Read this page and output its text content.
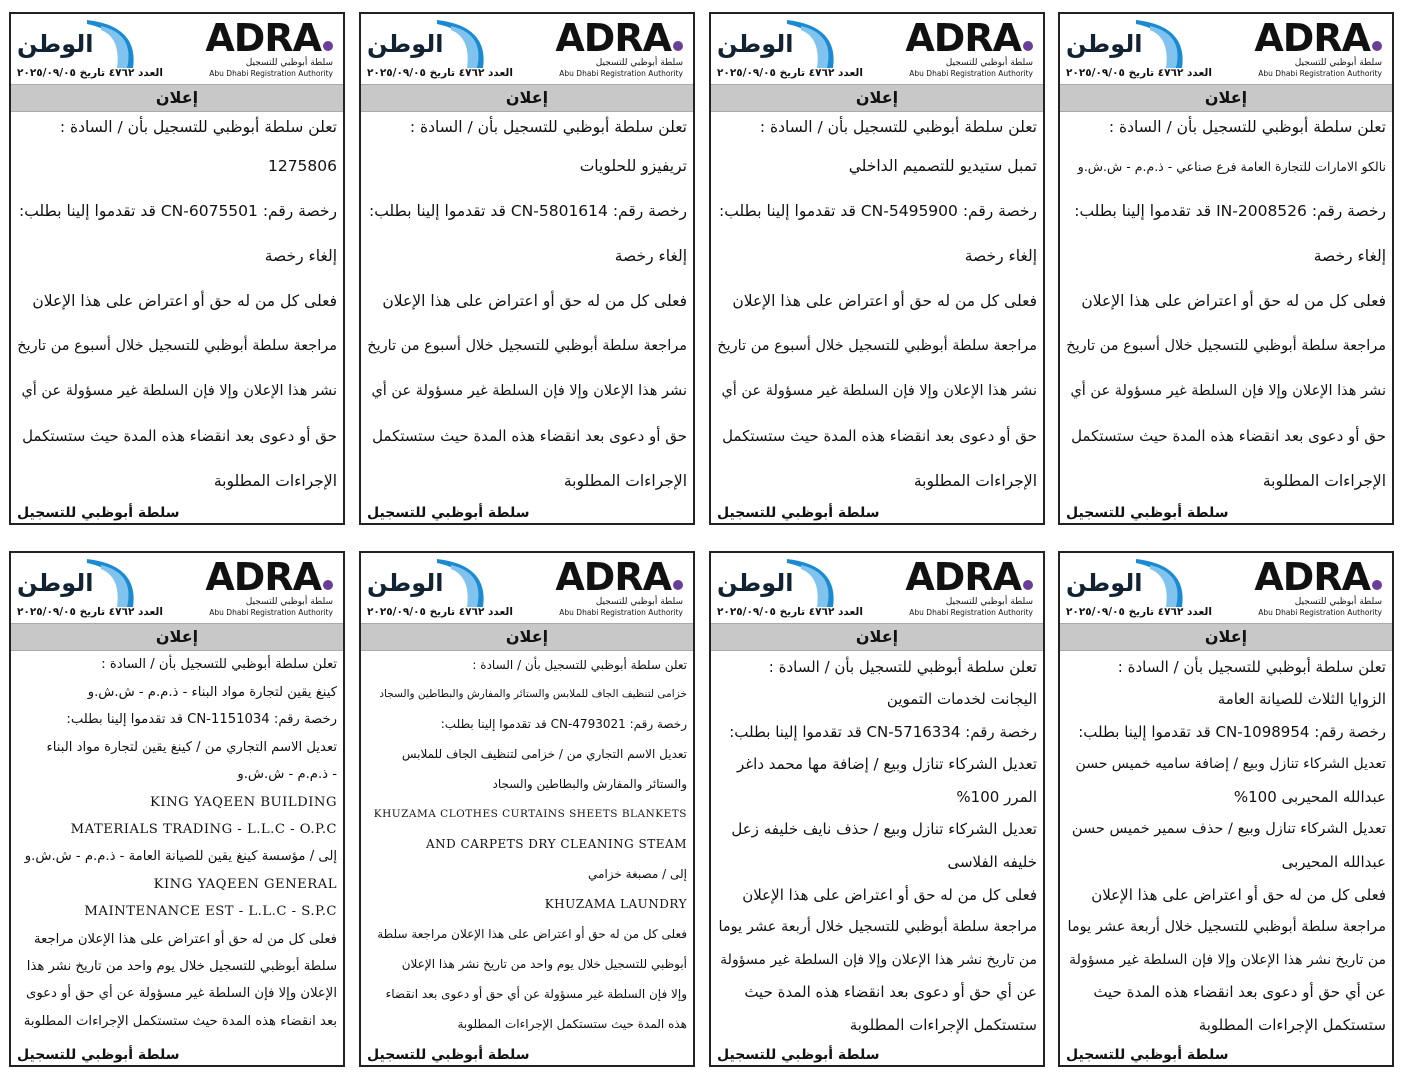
ADRA
سلطة أبوظبي للتسجيل
Abu Dhabi Registration Authority
الوطن
العدد ٤٧٦٢ تاريخ ٢٠٢٥/٠٩/٠٥
إعلان
تعلن سلطة أبوظبي للتسجيل بأن / السادة :
نالكو الامارات للتجارة العامة فرع صناعي - ذ.م.م - ش.ش.و
رخصة رقم: IN-2008526 قد تقدموا إلينا بطلب:
إلغاء رخصة
فعلى كل من له حق أو اعتراض على هذا الإعلان
مراجعة سلطة أبوظبي للتسجيل خلال أسبوع من تاريخ
نشر هذا الإعلان وإلا فإن السلطة غير مسؤولة عن أي
حق أو دعوى بعد انقضاء هذه المدة حيث ستستكمل
الإجراءات المطلوبة
سلطة أبوظبي للتسجيل
ADRA
سلطة أبوظبي للتسجيل
Abu Dhabi Registration Authority
الوطن
العدد ٤٧٦٢ تاريخ ٢٠٢٥/٠٩/٠٥
إعلان
تعلن سلطة أبوظبي للتسجيل بأن / السادة :
تمبل ستيديو للتصميم الداخلي
رخصة رقم: CN-5495900 قد تقدموا إلينا بطلب:
إلغاء رخصة
فعلى كل من له حق أو اعتراض على هذا الإعلان
مراجعة سلطة أبوظبي للتسجيل خلال أسبوع من تاريخ
نشر هذا الإعلان وإلا فإن السلطة غير مسؤولة عن أي
حق أو دعوى بعد انقضاء هذه المدة حيث ستستكمل
الإجراءات المطلوبة
سلطة أبوظبي للتسجيل
ADRA
سلطة أبوظبي للتسجيل
Abu Dhabi Registration Authority
الوطن
العدد ٤٧٦٢ تاريخ ٢٠٢٥/٠٩/٠٥
إعلان
تعلن سلطة أبوظبي للتسجيل بأن / السادة :
تريفيزو للحلويات
رخصة رقم: CN-5801614 قد تقدموا إلينا بطلب:
إلغاء رخصة
فعلى كل من له حق أو اعتراض على هذا الإعلان
مراجعة سلطة أبوظبي للتسجيل خلال أسبوع من تاريخ
نشر هذا الإعلان وإلا فإن السلطة غير مسؤولة عن أي
حق أو دعوى بعد انقضاء هذه المدة حيث ستستكمل
الإجراءات المطلوبة
سلطة أبوظبي للتسجيل
ADRA
سلطة أبوظبي للتسجيل
Abu Dhabi Registration Authority
الوطن
العدد ٤٧٦٢ تاريخ ٢٠٢٥/٠٩/٠٥
إعلان
تعلن سلطة أبوظبي للتسجيل بأن / السادة :
1275806
رخصة رقم: CN-6075501 قد تقدموا إلينا بطلب:
إلغاء رخصة
فعلى كل من له حق أو اعتراض على هذا الإعلان
مراجعة سلطة أبوظبي للتسجيل خلال أسبوع من تاريخ
نشر هذا الإعلان وإلا فإن السلطة غير مسؤولة عن أي
حق أو دعوى بعد انقضاء هذه المدة حيث ستستكمل
الإجراءات المطلوبة
سلطة أبوظبي للتسجيل
ADRA
سلطة أبوظبي للتسجيل
Abu Dhabi Registration Authority
الوطن
العدد ٤٧٦٢ تاريخ ٢٠٢٥/٠٩/٠٥
إعلان
تعلن سلطة أبوظبي للتسجيل بأن / السادة :
الزوايا الثلاث للصيانة العامة
رخصة رقم: CN-1098954 قد تقدموا إلينا بطلب:
تعديل الشركاء تنازل وبيع / إضافة ساميه خميس حسن
عبدالله المحيربى 100%
تعديل الشركاء تنازل وبيع / حذف سمير خميس حسن
عبدالله المحيربى
فعلى كل من له حق أو اعتراض على هذا الإعلان
مراجعة سلطة أبوظبي للتسجيل خلال أربعة عشر يوما
من تاريخ نشر هذا الإعلان وإلا فإن السلطة غير مسؤولة
عن أي حق أو دعوى بعد انقضاء هذه المدة حيث
ستستكمل الإجراءات المطلوبة
سلطة أبوظبي للتسجيل
ADRA
سلطة أبوظبي للتسجيل
Abu Dhabi Registration Authority
الوطن
العدد ٤٧٦٢ تاريخ ٢٠٢٥/٠٩/٠٥
إعلان
تعلن سلطة أبوظبي للتسجيل بأن / السادة :
اليجانت لخدمات التموين
رخصة رقم: CN-5716334 قد تقدموا إلينا بطلب:
تعديل الشركاء تنازل وبيع / إضافة مها محمد داغر
المرر 100%
تعديل الشركاء تنازل وبيع / حذف نايف خليفه زعل
خليفه الفلاسى
فعلى كل من له حق أو اعتراض على هذا الإعلان
مراجعة سلطة أبوظبي للتسجيل خلال أربعة عشر يوما
من تاريخ نشر هذا الإعلان وإلا فإن السلطة غير مسؤولة
عن أي حق أو دعوى بعد انقضاء هذه المدة حيث
ستستكمل الإجراءات المطلوبة
سلطة أبوظبي للتسجيل
ADRA
سلطة أبوظبي للتسجيل
Abu Dhabi Registration Authority
الوطن
العدد ٤٧٦٢ تاريخ ٢٠٢٥/٠٩/٠٥
إعلان
تعلن سلطة أبوظبي للتسجيل بأن / السادة :
خزامى لتنظيف الجاف للملابس والستائر والمفارش والبطاطين والسجاد
رخصة رقم: CN-4793021 قد تقدموا إلينا بطلب:
تعديل الاسم التجاري من / خزامى لتنظيف الجاف للملابس
والستائر والمفارش والبطاطين والسجاد
KHUZAMA CLOTHES CURTAINS SHEETS BLANKETS
AND CARPETS DRY CLEANING STEAM
إلى / مصبغة خزامي
KHUZAMA LAUNDRY
فعلى كل من له حق أو اعتراض على هذا الإعلان مراجعة سلطة
أبوظبي للتسجيل خلال يوم واحد من تاريخ نشر هذا الإعلان
وإلا فإن السلطة غير مسؤولة عن أي حق أو دعوى بعد انقضاء
هذه المدة حيث ستستكمل الإجراءات المطلوبة
سلطة أبوظبي للتسجيل
ADRA
سلطة أبوظبي للتسجيل
Abu Dhabi Registration Authority
الوطن
العدد ٤٧٦٢ تاريخ ٢٠٢٥/٠٩/٠٥
إعلان
تعلن سلطة أبوظبي للتسجيل بأن / السادة :
كينغ يقين لتجارة مواد البناء - ذ.م.م - ش.ش.و
رخصة رقم: CN-1151034 قد تقدموا إلينا بطلب:
تعديل الاسم التجاري من / كينغ يقين لتجارة مواد البناء
- ذ.م.م - ش.ش.و
KING YAQEEN BUILDING
MATERIALS TRADING - L.L.C - O.P.C
إلى / مؤسسة كينغ يقين للصيانة العامة - ذ.م.م - ش.ش.و
KING YAQEEN GENERAL
MAINTENANCE EST - L.L.C - S.P.C
فعلى كل من له حق أو اعتراض على هذا الإعلان مراجعة
سلطة أبوظبي للتسجيل خلال يوم واحد من تاريخ نشر هذا
الإعلان وإلا فإن السلطة غير مسؤولة عن أي حق أو دعوى
بعد انقضاء هذه المدة حيث ستستكمل الإجراءات المطلوبة
سلطة أبوظبي للتسجيل
